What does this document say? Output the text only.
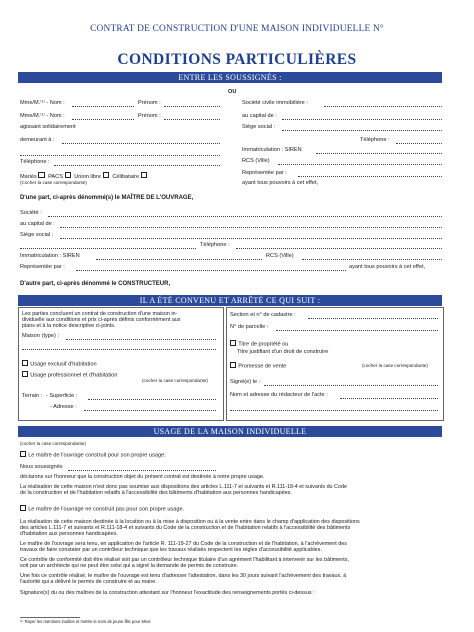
CONTRAT DE CONSTRUCTION D'UNE MAISON INDIVIDUELLE N°
CONDITIONS PARTICULIÈRES
ENTRE LES SOUSSIGNÉS :
OU
Mme/M.⁽¹⁾ - Nom :	Prénom :
Mme/M.⁽¹⁾ - Nom :	Prénom :
agissant solidairement
demeurant à :
Téléphone :
Mariés PACS Union libre Célibataire
(Cocher la case correspondante)
Société civile immobilière :
au capital de :
Siège social :
Téléphone :
Immatriculation : SIREN
RCS (Ville)
Représentée par :
ayant tous pouvoirs à cet effet,
D'une part, ci-après dénommé(s) le MAÎTRE DE L'OUVRAGE,
Société :
au capital de :
Siège social :
Téléphone :
Immatriculation : SIREN	RCS (Ville)
Représentée par :	ayant tous pouvoirs à cet effet,
D'autre part, ci-après dénommé le CONSTRUCTEUR,
IL A ÉTÉ CONVENU ET ARRÊTÉ CE QUI SUIT :
Les parties concluent un contrat de construction d'une maison in-
dividuelle aux conditions et prix ci-après définis conformément aux
plans et à la notice descriptive ci-joints.
Maison (type) :
Usage exclusif d'habitation
Usage professionnel et d'habitation
(cocher la case correspondante)
Terrain : - Superficie :
- Adresse :
Section et n° de cadastre :
N° de parcelle :
Titre de propriété ou
Titre justifiant d'un droit de construire
Promesse de vente	(cocher la case correspondante)
Signé(e) le :
Nom et adresse du rédacteur de l'acte :
USAGE DE LA MAISON INDIVIDUELLE
(cocher la case correspondante)
Le maître de l'ouvrage construit pour son propre usage.
Nous soussignés
déclarons sur l'honneur que la construction objet du présent contrat est destinée à notre propre usage.
La réalisation de cette maison n'est donc pas soumise aux dispositions des articles L.111-7 et suivants et R.111-18-4 et suivants du Code
de la construction et de l'habitation relatifs à l'accessibilité des bâtiments d'habitation aux personnes handicapées.
Le maître de l'ouvrage ne construit pas pour son propre usage.
La réalisation de cette maison destinée à la location ou à la mise à disposition ou à la vente entre dans le champ d'application des dispositions
des articles L.111-7 et suivants et R.111-18-4 et suivants du Code de la construction et de l'habitation relatifs à l'accessibilité des bâtiments
d'habitation aux personnes handicapées.
Le maître de l'ouvrage sera tenu, en application de l'article R. 111-19-27 du Code de la construction et de l'habitation, à l'achèvement des
travaux de faire constater par un contrôleur technique que les travaux réalisés respectent les règles d'accessibilité applicables.
Ce contrôle de conformité doit être réalisé soit par un contrôleur technique titulaire d'un agrément l'habilitant à intervenir sur les bâtiments,
soit par un architecte qui ne peut être celui qui a signé la demande de permis de construire.
Une fois ce contrôle réalisé, le maître de l'ouvrage est tenu d'adresser l'attestation, dans les 30 jours suivant l'achèvement des travaux, à
l'autorité qui a délivré le permis de construire et au maire.
Signature(s) du ou des maîtres de la construction attestant sur l'honneur l'exactitude des renseignements portés ci-dessus :
⁽¹⁾ Rayer les mentions inutiles et mettre le nom de jeune fille pour Mme
